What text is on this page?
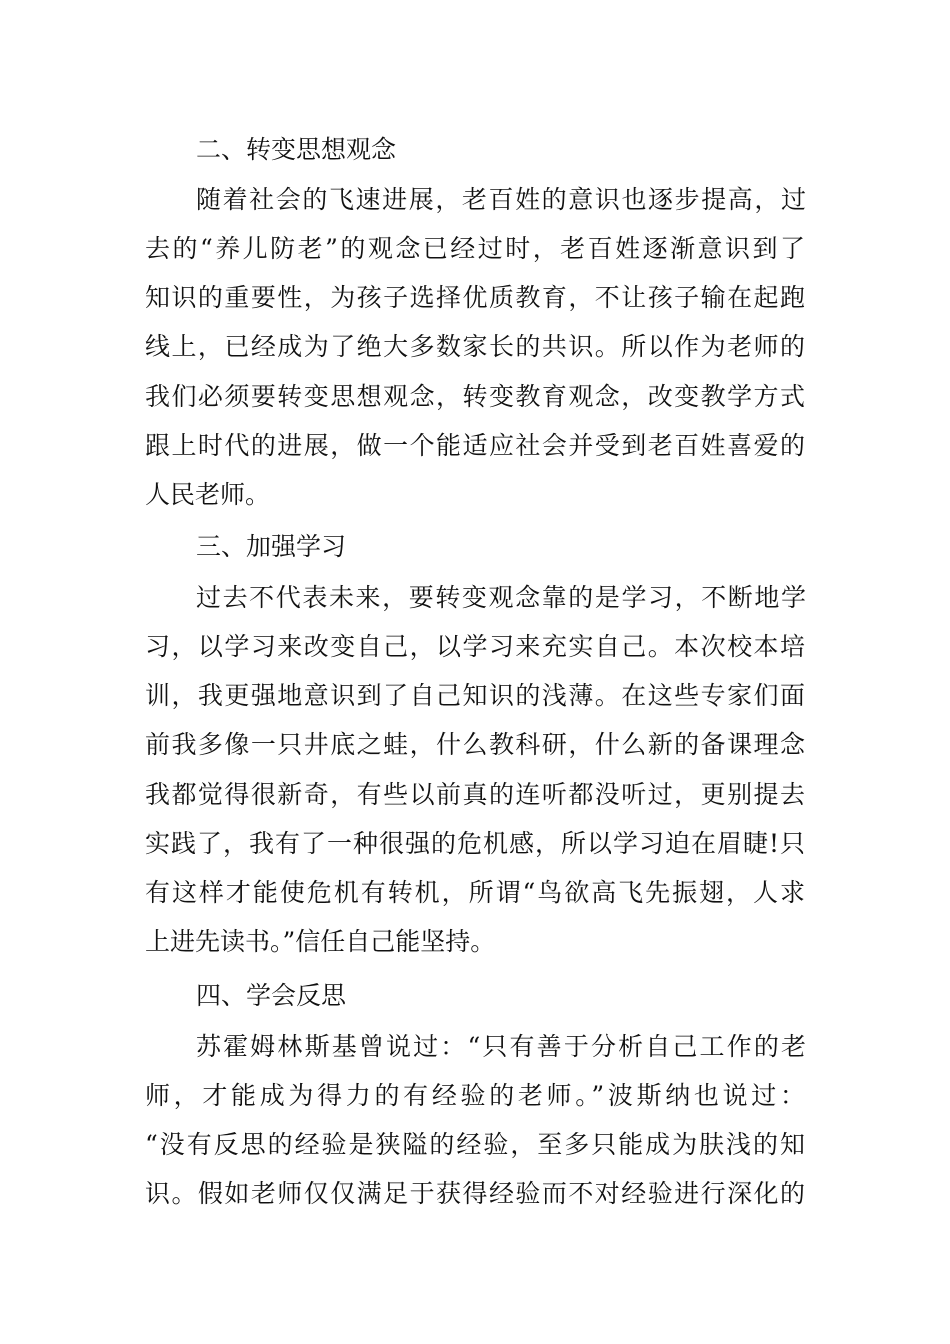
二、转变思想观念
随着社会的飞速进展，老百姓的意识也逐步提高，过
去的“养儿防老”的观念已经过时，老百姓逐渐意识到了
知识的重要性，为孩子选择优质教育，不让孩子输在起跑
线上，已经成为了绝大多数家长的共识。所以作为老师的
我们必须要转变思想观念，转变教育观念，改变教学方式
跟上时代的进展，做一个能适应社会并受到老百姓喜爱的
人民老师。
三、加强学习
过去不代表未来，要转变观念靠的是学习，不断地学
习，以学习来改变自己，以学习来充实自己。本次校本培
训，我更强地意识到了自己知识的浅薄。在这些专家们面
前我多像一只井底之蛙，什么教科研，什么新的备课理念
我都觉得很新奇，有些以前真的连听都没听过，更别提去
实践了，我有了一种很强的危机感，所以学习迫在眉睫!只
有这样才能使危机有转机，所谓“鸟欲高飞先振翅，人求
上进先读书。”信任自己能坚持。
四、学会反思
苏霍姆林斯基曾说过：“只有善于分析自己工作的老
师，才能成为得力的有经验的老师。”波斯纳也说过：
“没有反思的经验是狭隘的经验，至多只能成为肤浅的知
识。假如老师仅仅满足于获得经验而不对经验进行深化的
